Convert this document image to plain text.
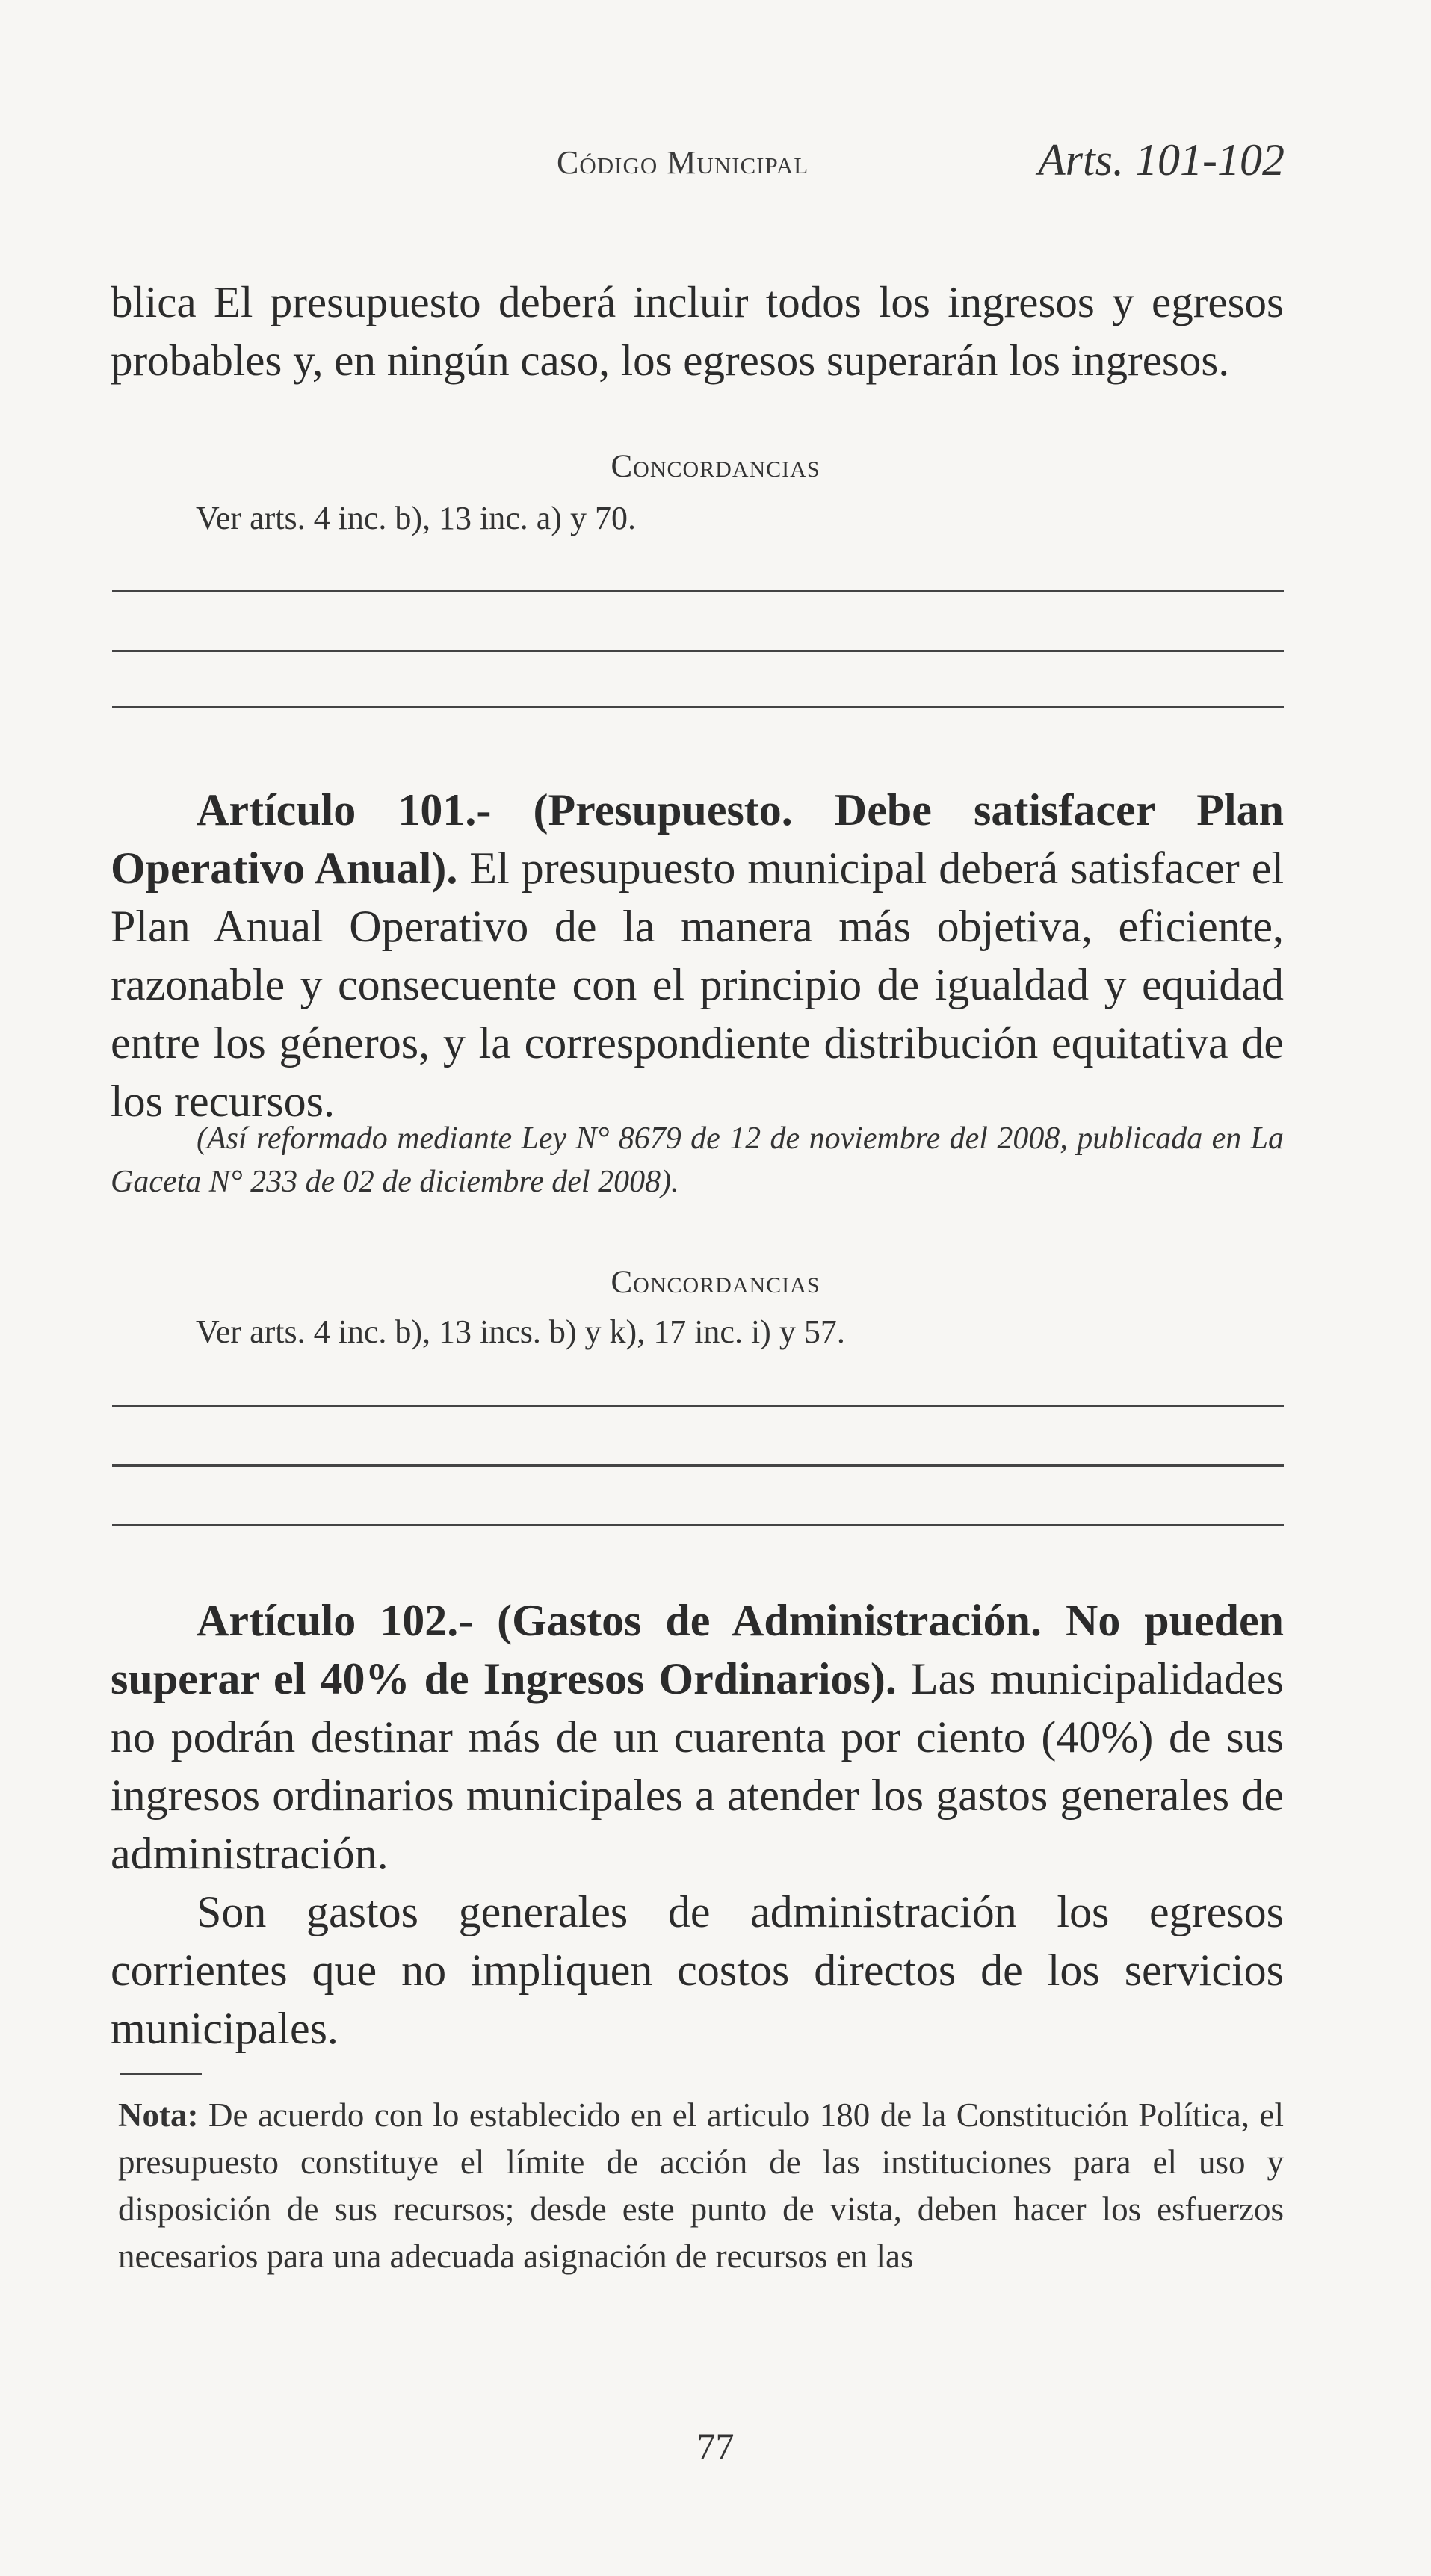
Código Municipal	Arts. 101-102

blica El presupuesto deberá incluir todos los ingresos y egresos probables y, en ningún caso, los egresos superarán los ingresos.

Concordancias
Ver arts. 4 inc. b), 13 inc. a) y 70.

Artículo 101.- (Presupuesto. Debe satisfacer Plan Operativo Anual). El presupuesto municipal deberá satisfacer el Plan Anual Operativo de la manera más objetiva, eficiente, razonable y consecuente con el principio de igualdad y equidad entre los géneros, y la correspondiente distribución equitativa de los recursos.

(Así reformado mediante Ley N° 8679 de 12 de noviembre del 2008, publicada en La Gaceta N° 233 de 02 de diciembre del 2008).

Concordancias
Ver arts. 4 inc. b), 13 incs. b) y k), 17 inc. i) y 57.

Artículo 102.- (Gastos de Administración. No pueden superar el 40% de Ingresos Ordinarios). Las municipalidades no podrán destinar más de un cuarenta por ciento (40%) de sus ingresos ordinarios municipales a atender los gastos generales de administración.

Son gastos generales de administración los egresos corrientes que no impliquen costos directos de los servicios municipales.

Nota: De acuerdo con lo establecido en el articulo 180 de la Constitución Política, el presupuesto constituye el límite de acción de las instituciones para el uso y disposición de sus recursos; desde este punto de vista, deben hacer los esfuerzos necesarios para una adecuada asignación de recursos en las

77
